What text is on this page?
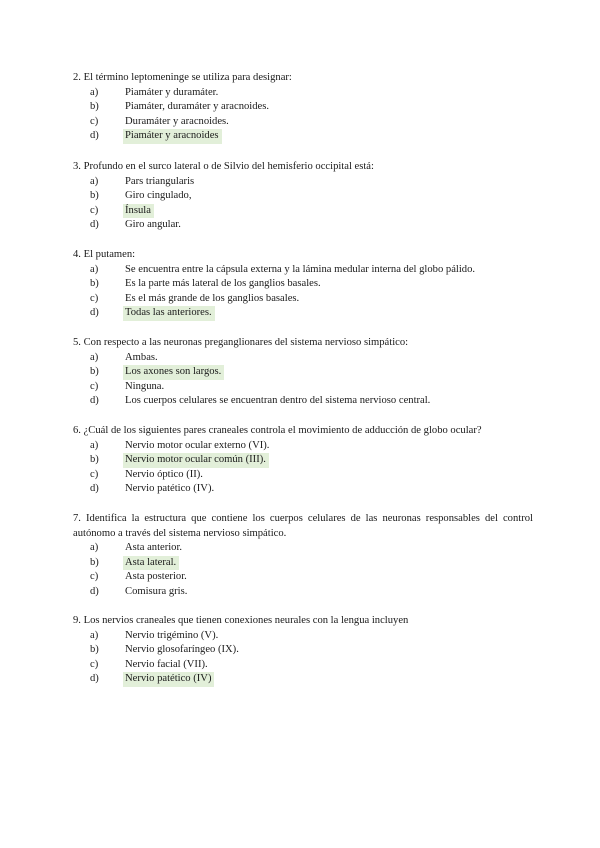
2. El término leptomeninge se utiliza para designar:

a)	Piamáter y duramáter.
b)	Piamáter, duramáter y aracnoides.
c)	Duramáter y aracnoides.
d)	Piamáter y aracnoides

3. Profundo en el surco lateral o de Silvio del hemisferio occipital está:

a)	Pars triangularis
b)	Giro cingulado,
c)	Ínsula
d)	Giro angular.

4. El putamen:

a)	Se encuentra entre la cápsula externa y la lámina medular interna del globo pálido.
b)	Es la parte más lateral de los ganglios basales.
c)	Es el más grande de los ganglios basales.
d)	Todas las anteriores.

5. Con respecto a las neuronas preganglionares del sistema nervioso simpático:

a)	Ambas.
b)	Los axones son largos.
c)	Ninguna.
d)	Los cuerpos celulares se encuentran dentro del sistema nervioso central.

6. ¿Cuál de los siguientes pares craneales controla el movimiento de adducción de globo ocular?

a)	Nervio motor ocular externo (VI).
b)	Nervio motor ocular común (III).
c)	Nervio óptico (II).
d)	Nervio patético (IV).

7. Identifica la estructura que contiene los cuerpos celulares de las neuronas responsables del control autónomo a través del sistema nervioso simpático.

a)	Asta anterior.
b)	Asta lateral.
c)	Asta posterior.
d)	Comisura gris.

9. Los nervios craneales que tienen conexiones neurales con la lengua incluyen

a)	Nervio trigémino (V).
b)	Nervio glosofaríngeo (IX).
c)	Nervio facial (VII).
d)	Nervio patético (IV)
